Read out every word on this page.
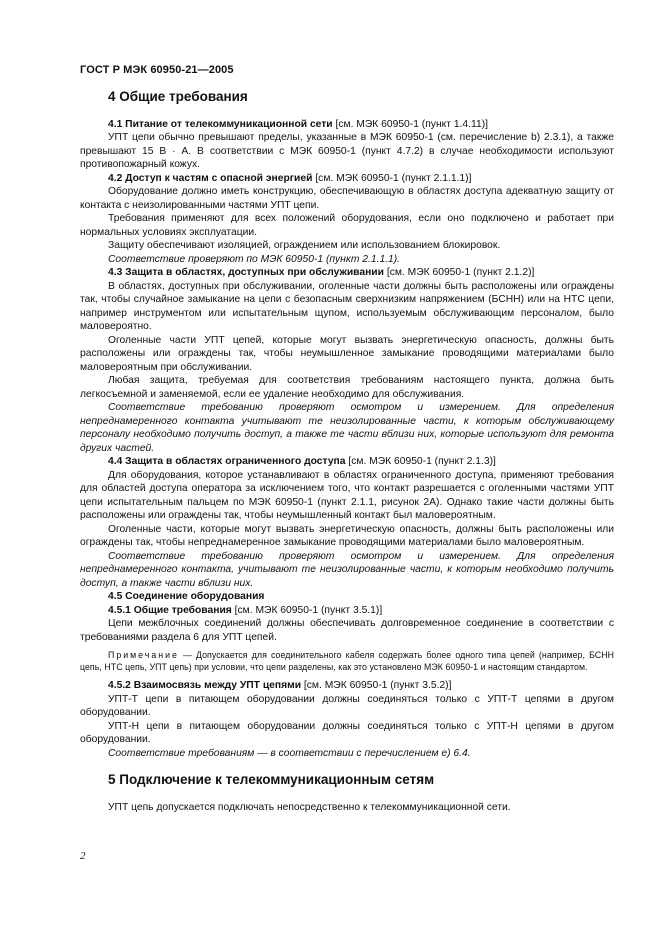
ГОСТ Р МЭК 60950-21—2005
4 Общие требования

4.1 Питание от телекоммуникационной сети [см. МЭК 60950-1 (пункт 1.4.11)]

УПТ цепи обычно превышают пределы, указанные в МЭК 60950-1 (см. перечисление b) 2.3.1), а также превышают 15 В · А. В соответствии с МЭК 60950-1 (пункт 4.7.2) в случае необходимости используют противопожарный кожух.

4.2 Доступ к частям с опасной энергией [см. МЭК 60950-1 (пункт 2.1.1.1)]

Оборудование должно иметь конструкцию, обеспечивающую в областях доступа адекватную защиту от контакта с неизолированными частями УПТ цепи.

Требования применяют для всех положений оборудования, если оно подключено и работает при нормальных условиях эксплуатации.

Защиту обеспечивают изоляцией, ограждением или использованием блокировок.

Соответствие проверяют по МЭК 60950-1 (пункт 2.1.1.1).

4.3 Защита в областях, доступных при обслуживании [см. МЭК 60950-1 (пункт 2.1.2)]

В областях, доступных при обслуживании, оголенные части должны быть расположены или ограждены так, чтобы случайное замыкание на цепи с безопасным сверхнизким напряжением (БСНН) или на НТС цепи, например инструментом или испытательным щупом, используемым обслуживающим персоналом, было маловероятно.

Оголенные части УПТ цепей, которые могут вызвать энергетическую опасность, должны быть расположены или ограждены так, чтобы неумышленное замыкание проводящими материалами было маловероятным при обслуживании.

Любая защита, требуемая для соответствия требованиям настоящего пункта, должна быть легкосъемной и заменяемой, если ее удаление необходимо для обслуживания.

Соответствие требованию проверяют осмотром и измерением. Для определения непреднамеренного контакта учитывают те неизолированные части, к которым обслуживающему персоналу необходимо получить доступ, а также те части вблизи них, которые используют для ремонта других частей.

4.4 Защита в областях ограниченного доступа [см. МЭК 60950-1 (пункт 2.1.3)]

Для оборудования, которое устанавливают в областях ограниченного доступа, применяют требования для областей доступа оператора за исключением того, что контакт разрешается с оголенными частями УПТ цепи испытательным пальцем по МЭК 60950-1 (пункт 2.1.1, рисунок 2А). Однако такие части должны быть расположены или ограждены так, чтобы неумышленный контакт был маловероятным.

Оголенные части, которые могут вызвать энергетическую опасность, должны быть расположены или ограждены так, чтобы непреднамеренное замыкание проводящими материалами было маловероятным.

Соответствие требованию проверяют осмотром и измерением. Для определения непреднамеренного контакта, учитывают те неизолированные части, к которым необходимо получить доступ, а также части вблизи них.

4.5 Соединение оборудования

4.5.1 Общие требования [см. МЭК 60950-1 (пункт 3.5.1)]

Цепи межблочных соединений должны обеспечивать долговременное соединение в соответствии с требованиями раздела 6 для УПТ цепей.

Примечание — Допускается для соединительного кабеля содержать более одного типа цепей (например, БСНН цепь, НТС цепь, УПТ цепь) при условии, что цепи разделены, как это установлено МЭК 60950-1 и настоящим стандартом.

4.5.2 Взаимосвязь между УПТ цепями [см. МЭК 60950-1 (пункт 3.5.2)]

УПТ-Т цепи в питающем оборудовании должны соединяться только с УПТ-Т цепями в другом оборудовании.

УПТ-Н цепи в питающем оборудовании должны соединяться только с УПТ-Н цепями в другом оборудовании.

Соответствие требованиям — в соответствии с перечислением е) 6.4.

5 Подключение к телекоммуникационным сетям

УПТ цепь допускается подключать непосредственно к телекоммуникационной сети.

2
